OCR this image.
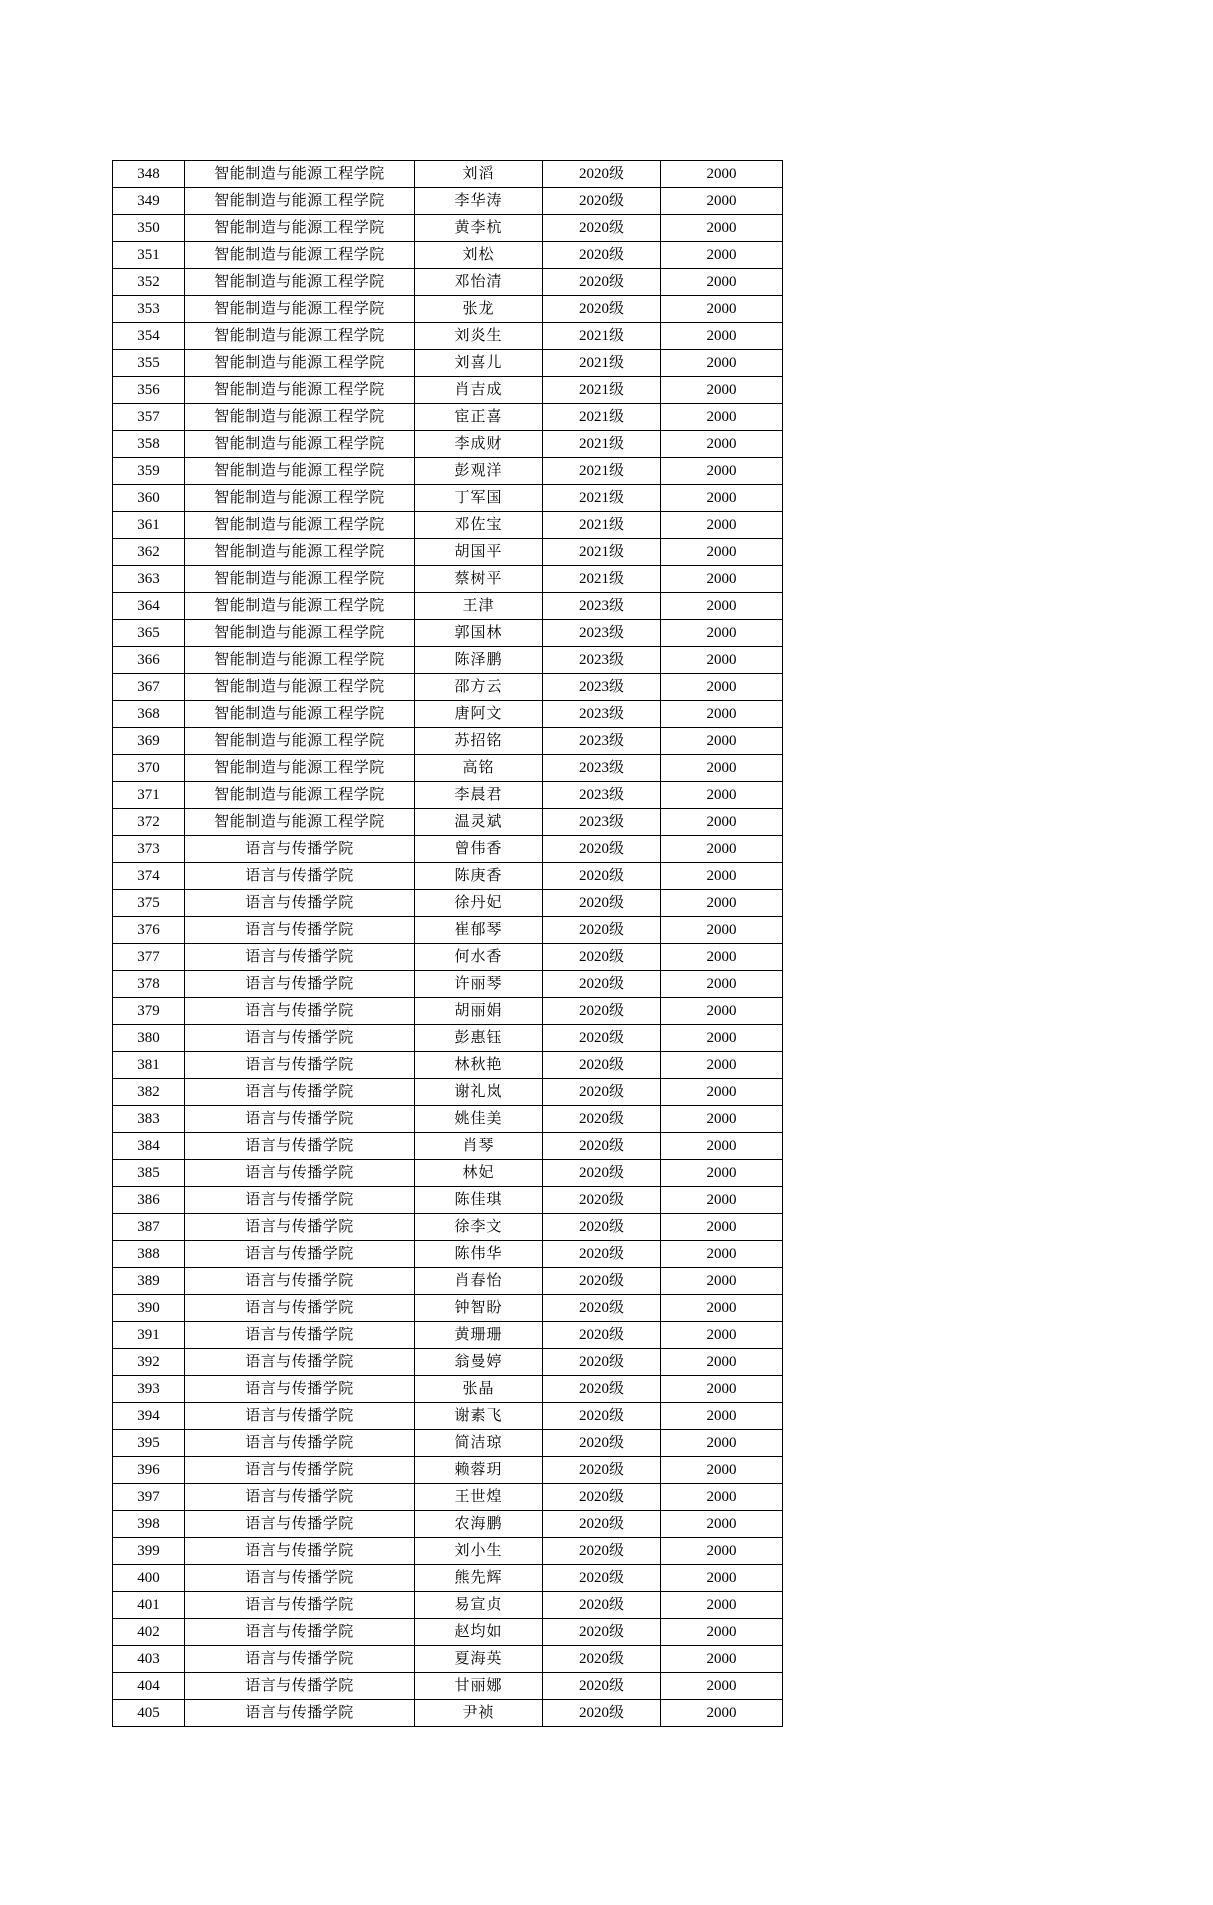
348	智能制造与能源工程学院	刘滔	2020级	2000
349	智能制造与能源工程学院	李华涛	2020级	2000
350	智能制造与能源工程学院	黄李杭	2020级	2000
351	智能制造与能源工程学院	刘松	2020级	2000
352	智能制造与能源工程学院	邓怡清	2020级	2000
353	智能制造与能源工程学院	张龙	2020级	2000
354	智能制造与能源工程学院	刘炎生	2021级	2000
355	智能制造与能源工程学院	刘喜儿	2021级	2000
356	智能制造与能源工程学院	肖吉成	2021级	2000
357	智能制造与能源工程学院	宦正喜	2021级	2000
358	智能制造与能源工程学院	李成财	2021级	2000
359	智能制造与能源工程学院	彭观洋	2021级	2000
360	智能制造与能源工程学院	丁军国	2021级	2000
361	智能制造与能源工程学院	邓佐宝	2021级	2000
362	智能制造与能源工程学院	胡国平	2021级	2000
363	智能制造与能源工程学院	蔡树平	2021级	2000
364	智能制造与能源工程学院	王津	2023级	2000
365	智能制造与能源工程学院	郭国林	2023级	2000
366	智能制造与能源工程学院	陈泽鹏	2023级	2000
367	智能制造与能源工程学院	邵方云	2023级	2000
368	智能制造与能源工程学院	唐阿文	2023级	2000
369	智能制造与能源工程学院	苏招铭	2023级	2000
370	智能制造与能源工程学院	高铭	2023级	2000
371	智能制造与能源工程学院	李晨君	2023级	2000
372	智能制造与能源工程学院	温灵斌	2023级	2000
373	语言与传播学院	曾伟香	2020级	2000
374	语言与传播学院	陈庚香	2020级	2000
375	语言与传播学院	徐丹妃	2020级	2000
376	语言与传播学院	崔郁琴	2020级	2000
377	语言与传播学院	何水香	2020级	2000
378	语言与传播学院	许丽琴	2020级	2000
379	语言与传播学院	胡丽娟	2020级	2000
380	语言与传播学院	彭惠钰	2020级	2000
381	语言与传播学院	林秋艳	2020级	2000
382	语言与传播学院	谢礼岚	2020级	2000
383	语言与传播学院	姚佳美	2020级	2000
384	语言与传播学院	肖琴	2020级	2000
385	语言与传播学院	林妃	2020级	2000
386	语言与传播学院	陈佳琪	2020级	2000
387	语言与传播学院	徐李文	2020级	2000
388	语言与传播学院	陈伟华	2020级	2000
389	语言与传播学院	肖春怡	2020级	2000
390	语言与传播学院	钟智盼	2020级	2000
391	语言与传播学院	黄珊珊	2020级	2000
392	语言与传播学院	翁曼婷	2020级	2000
393	语言与传播学院	张晶	2020级	2000
394	语言与传播学院	谢素飞	2020级	2000
395	语言与传播学院	简洁琼	2020级	2000
396	语言与传播学院	赖蓉玥	2020级	2000
397	语言与传播学院	王世煌	2020级	2000
398	语言与传播学院	农海鹏	2020级	2000
399	语言与传播学院	刘小生	2020级	2000
400	语言与传播学院	熊先辉	2020级	2000
401	语言与传播学院	易宣贞	2020级	2000
402	语言与传播学院	赵均如	2020级	2000
403	语言与传播学院	夏海英	2020级	2000
404	语言与传播学院	甘丽娜	2020级	2000
405	语言与传播学院	尹祯	2020级	2000
